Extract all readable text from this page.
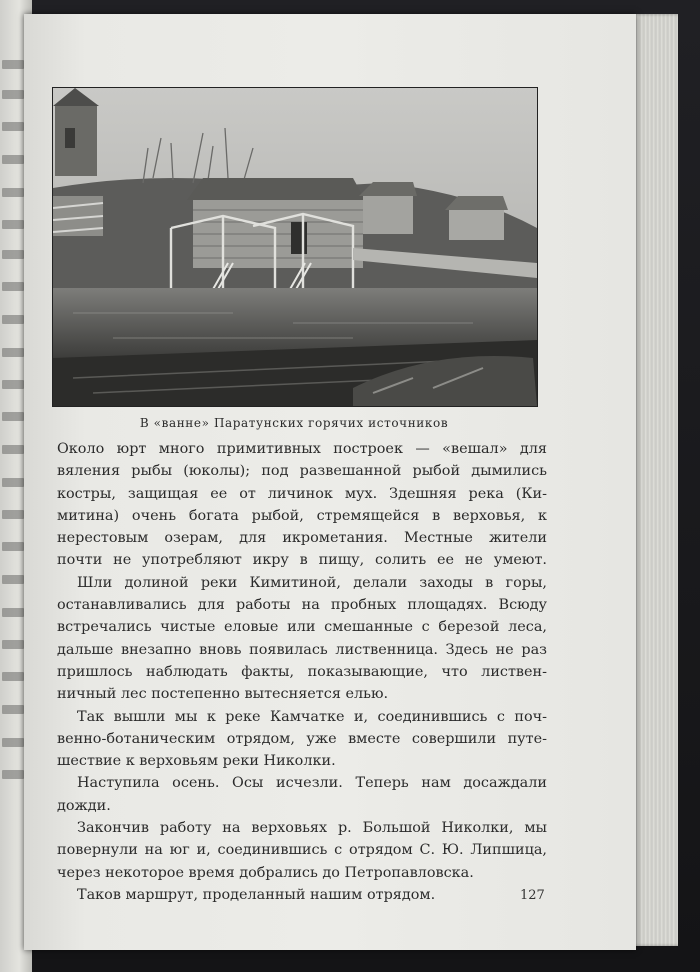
В «ванне» Паратунских горячих источников
Около юрт много примитивных построек — «вешал» для
вяления рыбы (юколы); под развешанной рыбой дымились
костры, защищая ее от личинок мух. Здешняя река (Ки-
митина) очень богата рыбой, стремящейся в верховья, к
нерестовым озерам, для икрометания. Местные жители
почти не употребляют икру в пищу, солить ее не умеют.
Шли долиной реки Кимитиной, делали заходы в горы,
останавливались для работы на пробных площадях. Всюду
встречались чистые еловые или смешанные с березой леса,
дальше внезапно вновь появилась лиственница. Здесь не раз
пришлось наблюдать факты, показывающие, что листвен-
ничный лес постепенно вытесняется елью.
Так вышли мы к реке Камчатке и, соединившись с поч-
венно-ботаническим отрядом, уже вместе совершили путе-
шествие к верховьям реки Николки.
Наступила осень. Осы исчезли. Теперь нам досаждали
дожди.
Закончив работу на верховьях р. Большой Николки, мы
повернули на юг и, соединившись с отрядом С. Ю. Липшица,
через некоторое время добрались до Петропавловска.
Таков маршрут, проделанный нашим отрядом.	127
